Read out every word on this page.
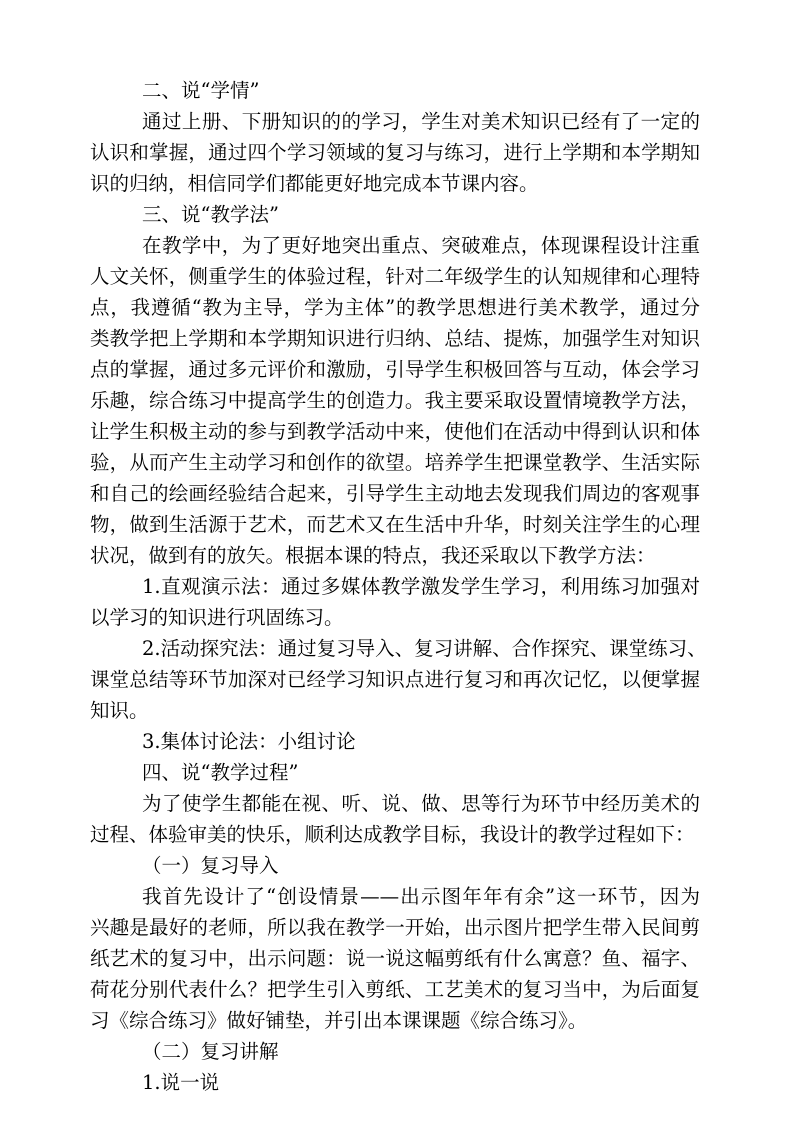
二、说“学情”
通过上册、下册知识的的学习，学生对美术知识已经有了一定的
认识和掌握，通过四个学习领域的复习与练习，进行上学期和本学期知
识的归纳，相信同学们都能更好地完成本节课内容。
三、说“教学法”
在教学中，为了更好地突出重点、突破难点，体现课程设计注重
人文关怀，侧重学生的体验过程，针对二年级学生的认知规律和心理特
点，我遵循“教为主导，学为主体”的教学思想进行美术教学，通过分
类教学把上学期和本学期知识进行归纳、总结、提炼，加强学生对知识
点的掌握，通过多元评价和激励，引导学生积极回答与互动，体会学习
乐趣，综合练习中提高学生的创造力。我主要采取设置情境教学方法，
让学生积极主动的参与到教学活动中来，使他们在活动中得到认识和体
验，从而产生主动学习和创作的欲望。培养学生把课堂教学、生活实际
和自己的绘画经验结合起来，引导学生主动地去发现我们周边的客观事
物，做到生活源于艺术，而艺术又在生活中升华，时刻关注学生的心理
状况，做到有的放矢。根据本课的特点，我还采取以下教学方法：
1.直观演示法：通过多媒体教学激发学生学习，利用练习加强对
以学习的知识进行巩固练习。
2.活动探究法：通过复习导入、复习讲解、合作探究、课堂练习、
课堂总结等环节加深对已经学习知识点进行复习和再次记忆，以便掌握
知识。
3.集体讨论法：小组讨论
四、说“教学过程”
为了使学生都能在视、听、说、做、思等行为环节中经历美术的
过程、体验审美的快乐，顺利达成教学目标，我设计的教学过程如下：
（一）复习导入
我首先设计了“创设情景——出示图年年有余”这一环节，因为
兴趣是最好的老师，所以我在教学一开始，出示图片把学生带入民间剪
纸艺术的复习中，出示问题：说一说这幅剪纸有什么寓意？鱼、福字、
荷花分别代表什么？把学生引入剪纸、工艺美术的复习当中，为后面复
习《综合练习》做好铺垫，并引出本课课题《综合练习》。
（二）复习讲解
1.说一说
